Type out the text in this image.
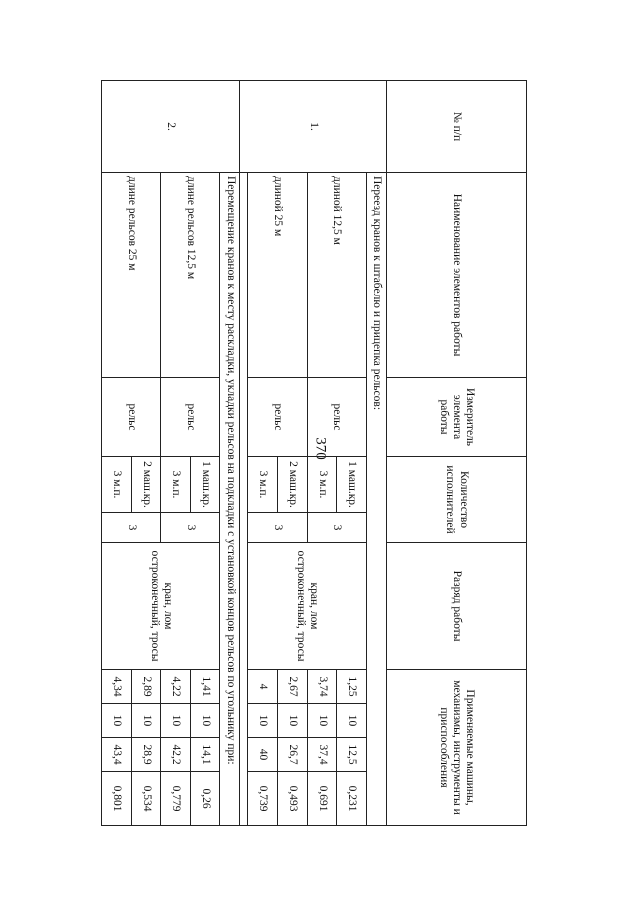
370
№ п/п	Наименование элементов работы	Измеритель элемента работы	Количество исполнителей		Разряд работы	Применяемые машины, механизмы, инструменты и приспособления			
1.	Переезд кранов к штабелю и прицепка рельсов:								
	длиной 12,5 м	рельс	1 маш.кр.	3	кран, лом остроконечный, тросы	1,25	10	12,5	0,231
			3 м.п.			3,74	10	37,4	0,691
	длиной 25 м	рельс	2 маш.кр.	3		2,67	10	26,7	0,493
			3 м.п.			4	10	40	0,739

2.	Перемещение кранов к месту раскладки, укладки рельсов на подкладки с установкой концов рельсов по угольнику при:								
	длине рельсов 12,5 м	рельс	1 маш.кр.	3	кран, лом остроконечный, тросы	1,41	10	14,1	0,26
			3 м.п.			4,22	10	42,2	0,779
	длине рельсов 25 м	рельс	2 маш.кр.	3		2,89	10	28,9	0,534
			3 м.п.			4,34	10	43,4	0,801
